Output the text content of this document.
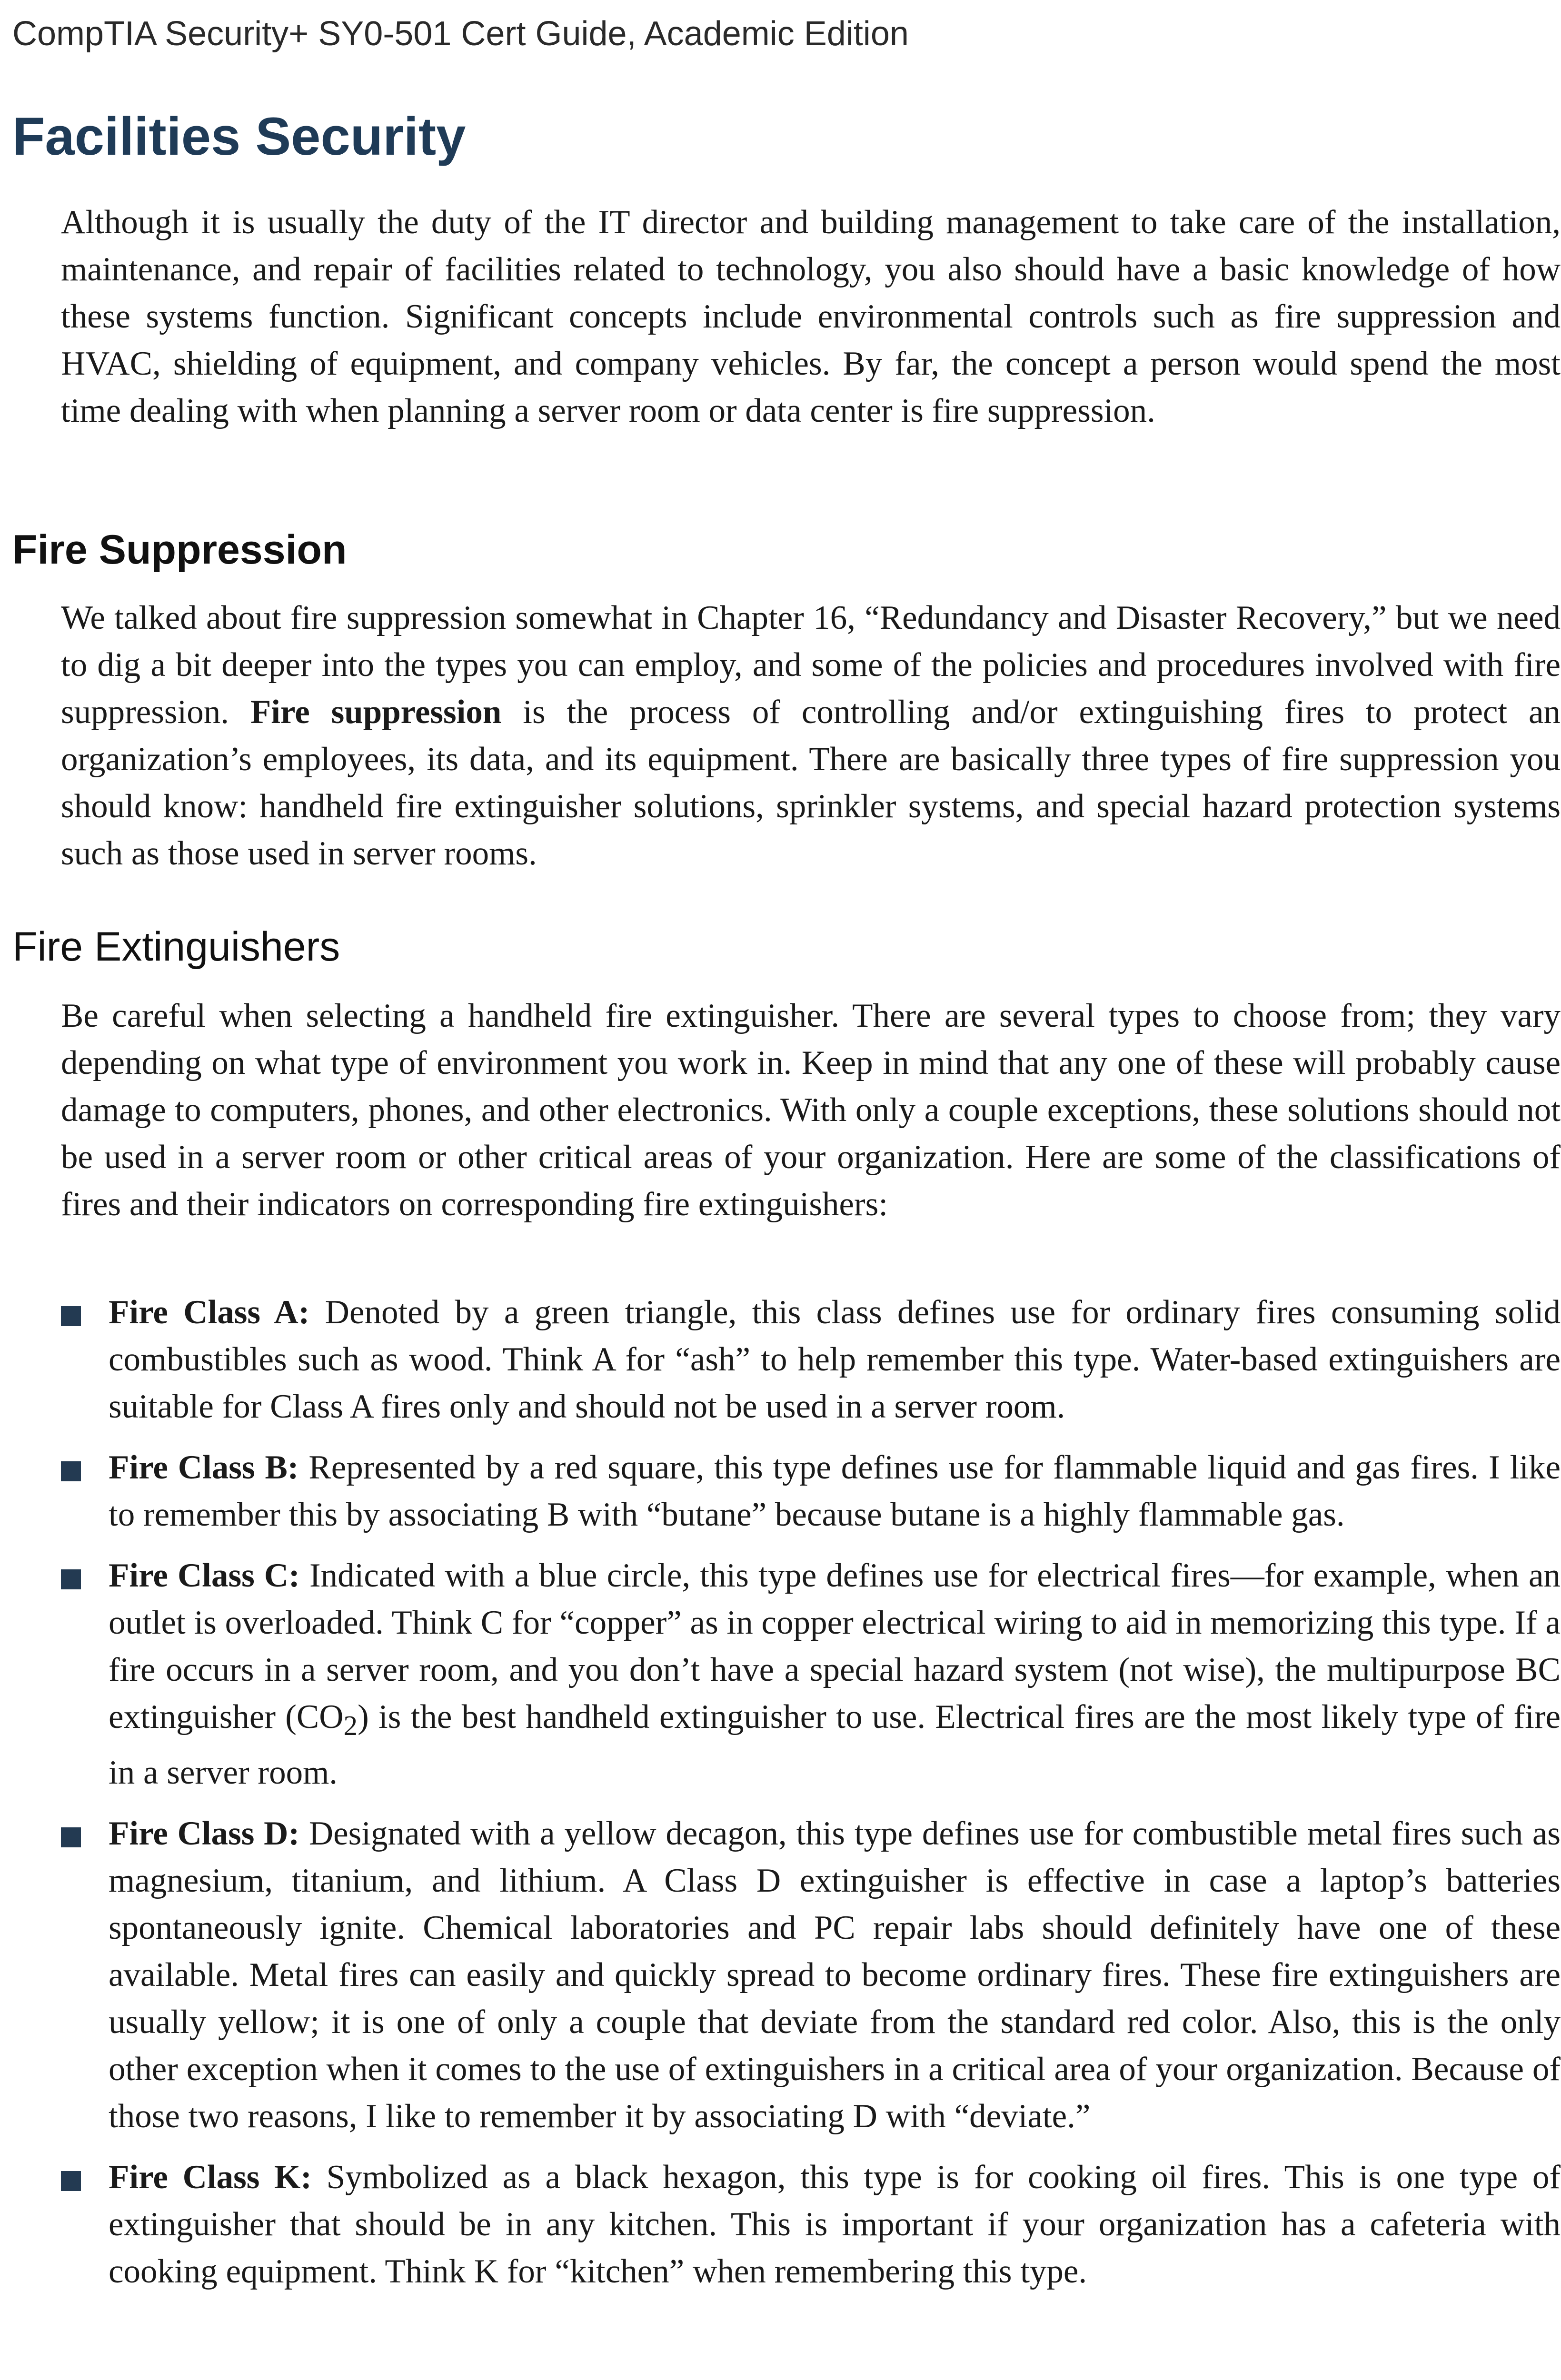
CompTIA Security+ SY0-501 Cert Guide, Academic Edition
Facilities Security

Although it is usually the duty of the IT director and building management to take care of the installation, maintenance, and repair of facilities related to technology, you also should have a basic knowledge of how these systems function. Significant concepts include environmental controls such as fire suppression and HVAC, shielding of equipment, and company vehicles. By far, the concept a person would spend the most time dealing with when planning a server room or data center is fire suppression.

Fire Suppression

We talked about fire suppression somewhat in Chapter 16, “Redundancy and Disaster Recovery,” but we need to dig a bit deeper into the types you can employ, and some of the policies and procedures involved with fire suppression. Fire suppression is the process of controlling and/or extinguishing fires to protect an organization’s employees, its data, and its equipment. There are basically three types of fire suppression you should know: handheld fire extinguisher solutions, sprinkler systems, and special hazard protection systems such as those used in server rooms.

Fire Extinguishers

Be careful when selecting a handheld fire extinguisher. There are several types to choose from; they vary depending on what type of environment you work in. Keep in mind that any one of these will probably cause damage to computers, phones, and other electronics. With only a couple exceptions, these solutions should not be used in a server room or other critical areas of your organization. Here are some of the classifications of fires and their indicators on corresponding fire extinguishers:

Fire Class A: Denoted by a green triangle, this class defines use for ordinary fires consuming solid combustibles such as wood. Think A for “ash” to help remember this type. Water-based extinguishers are suitable for Class A fires only and should not be used in a server room.
Fire Class B: Represented by a red square, this type defines use for flammable liquid and gas fires. I like to remember this by associating B with “butane” because butane is a highly flammable gas.
Fire Class C: Indicated with a blue circle, this type defines use for electrical fires—for example, when an outlet is overloaded. Think C for “copper” as in copper electrical wiring to aid in memorizing this type. If a fire occurs in a server room, and you don’t have a special hazard system (not wise), the multipurpose BC extinguisher $(CO_2)$ is the best handheld extinguisher to use. Electrical fires are the most likely type of fire in a server room.
Fire Class D: Designated with a yellow decagon, this type defines use for combustible metal fires such as magnesium, titanium, and lithium. A Class D extinguisher is effective in case a laptop’s batteries spontaneously ignite. Chemical laboratories and PC repair labs should definitely have one of these available. Metal fires can easily and quickly spread to become ordinary fires. These fire extinguishers are usually yellow; it is one of only a couple that deviate from the standard red color. Also, this is the only other exception when it comes to the use of extinguishers in a critical area of your organization. Because of those two reasons, I like to remember it by associating D with “deviate.”
Fire Class K: Symbolized as a black hexagon, this type is for cooking oil fires. This is one type of extinguisher that should be in any kitchen. This is important if your organization has a cafeteria with cooking equipment. Think K for “kitchen” when remembering this type.
